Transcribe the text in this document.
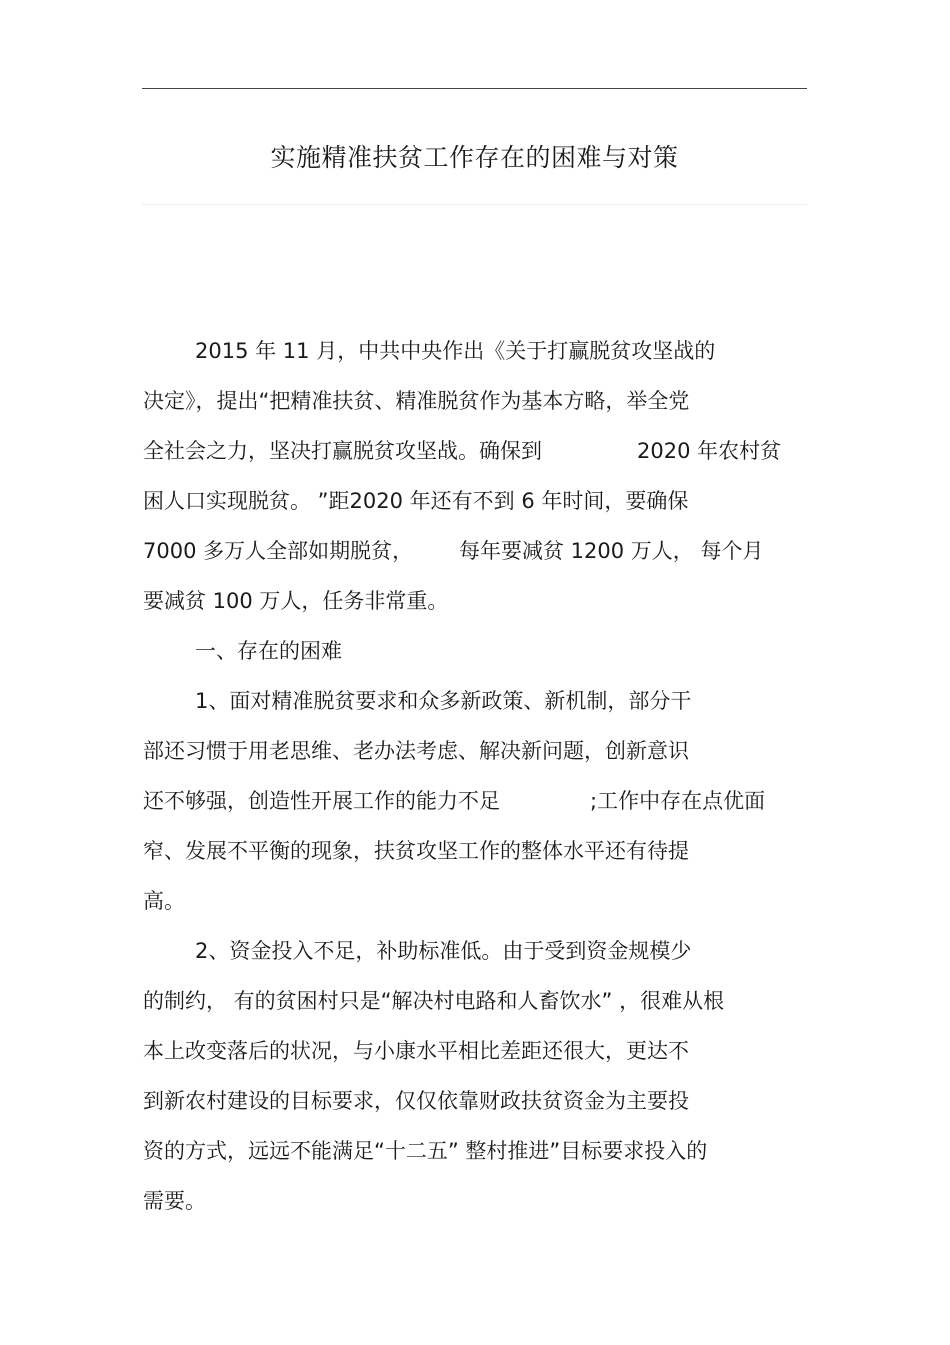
实施精准扶贫工作存在的困难与对策
2015 年 11 月，中共中央作出《关于打赢脱贫攻坚战的
决定》，提出“把精准扶贫、精准脱贫作为基本方略，举全党
全社会之力，坚决打赢脱贫攻坚战。确保到	2020 年农村贫
困人口实现脱贫。 ”距2020 年还有不到 6 年时间，要确保
7000 多万人全部如期脱贫， 每年要减贫 1200 万人， 每个月
要减贫 100 万人，任务非常重。
一、存在的困难
1、面对精准脱贫要求和众多新政策、新机制，部分干
部还习惯于用老思维、老办法考虑、解决新问题，创新意识
还不够强，创造性开展工作的能力不足	;工作中存在点优面
窄、发展不平衡的现象，扶贫攻坚工作的整体水平还有待提
高。
2、资金投入不足，补助标准低。由于受到资金规模少
的制约， 有的贫困村只是“解决村电路和人畜饮水” ，很难从根
本上改变落后的状况，与小康水平相比差距还很大，更达不
到新农村建设的目标要求，仅仅依靠财政扶贫资金为主要投
资的方式，远远不能满足“十二五” 整村推进”目标要求投入的
需要。
